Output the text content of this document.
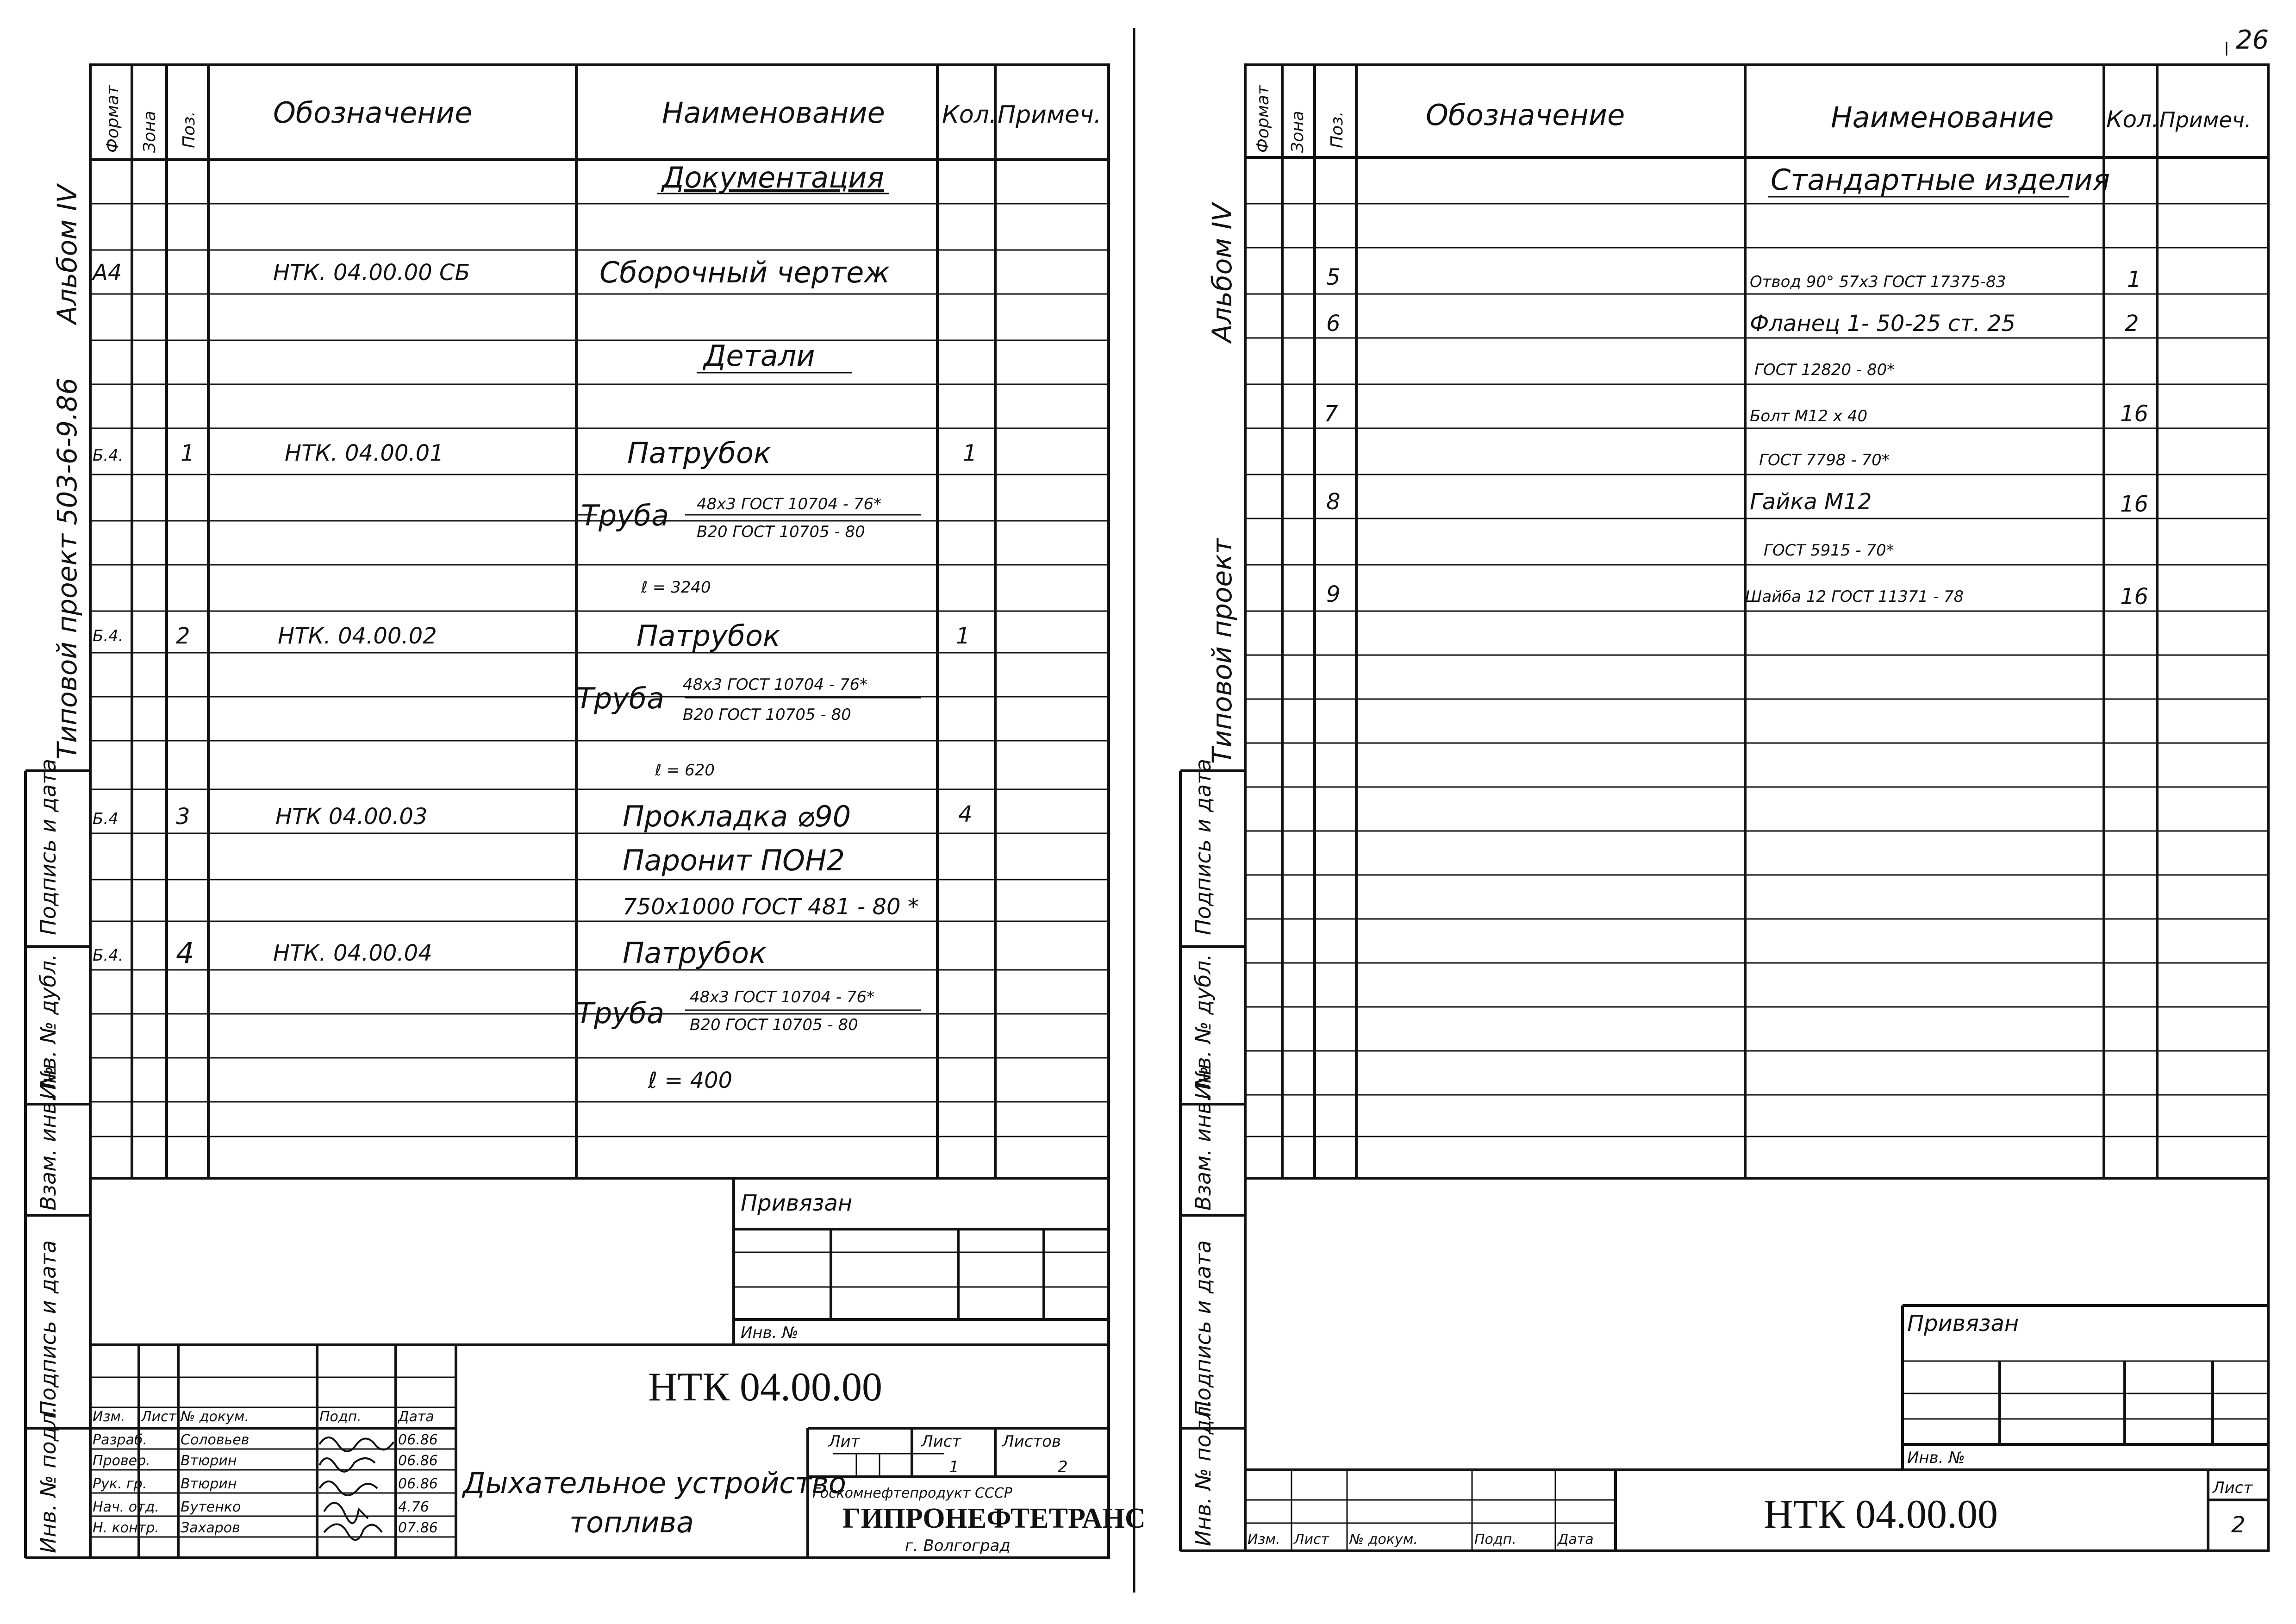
Формат Зона Поз.	Обозначение	Наименование Кол. Примеч.
Типовой проект 503-6-9.86
Альбом IV
Подпись и дата
Инв. № дубл.
Взам. инв. №
Подпись и дата
Инв. № подл.
Документация
А4	НТК. 04.00.00 СБ	Сборочный чертеж
Детали
Б.4.	1	НТК. 04.00.01	Патрубок	1
Труба 48x3 ГОСТ 10704 - 76*
В20 ГОСТ 10705 - 80
ℓ = 3240
Б.4. 2	НТК. 04.00.02	Патрубок	1
Труба 48x3 ГОСТ 10704 - 76*
В20 ГОСТ 10705 - 80
ℓ = 620
Б.4	3	НТК 04.00.03	Прокладка ⌀90	4
Паронит ПОН2
750x1000 ГОСТ 481 - 80 *
Б.4. 4	НТК. 04.00.04	Патрубок
Труба 48x3 ГОСТ 10704 - 76*
В20 ГОСТ 10705 - 80
ℓ = 400
Привязан
Инв. №
НТК 04.00.00
Изм. Лист № докум.	Подп.	Дата
Разраб. Соловьев	06.86
Провер. Втюрин	06.86
Рук. гр. Втюрин	06.86
Нач. отд. Бутенко	4.76
Н. контр. Захаров	07.86
Дыхательное устройство
топлива
Лит	Лист	Листов
1	2
Госкомнефтепродукт СССР
ГИПРОНЕФТЕТРАНС
г. Волгоград
Формат Зона Поз.	Обозначение	Наименование Кол. Примеч.
26
Типовой проект
Альбом IV
Подпись и дата
Инв. № дубл.
Взам. инв. №
Подпись и дата
Инв. № подл.
Стандартные изделия
5	Отвод 90° 57x3 ГОСТ 17375-83	1
6	Фланец 1- 50-25 ст. 25	2
ГОСТ 12820 - 80*
7	Болт М12 x 40	16
ГОСТ 7798 - 70*
8	Гайка М12	16
ГОСТ 5915 - 70*
9	Шайба 12 ГОСТ 11371 - 78	16
Привязан
Инв. №
НТК 04.00.00
Изм. Лист № докум.	Подп.	Дата
Лист
2
